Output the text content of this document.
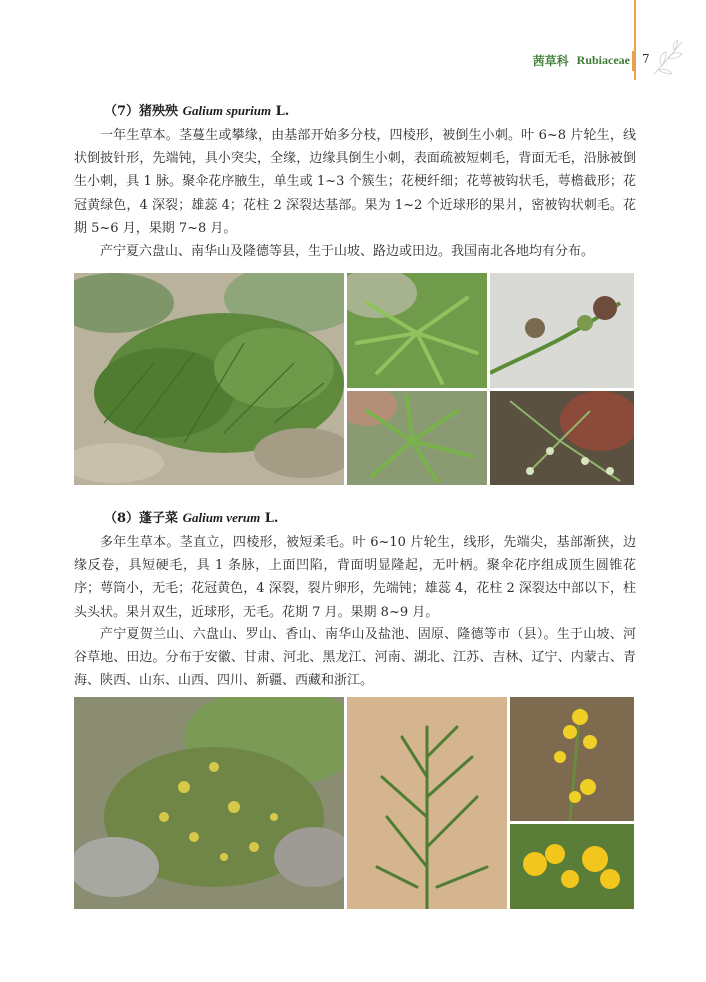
茜草科 Rubiaceae 7
（7）猪殃殃 Galium spurium L.

一年生草本。茎蔓生或攀缘，由基部开始多分枝，四棱形，被倒生小刺。叶 6~8 片轮生，线状倒披针形，先端钝，具小突尖，全缘，边缘具倒生小刺，表面疏被短刺毛，背面无毛，沿脉被倒生小刺，具 1 脉。聚伞花序腋生，单生或 1~3 个簇生；花梗纤细；花萼被钩状毛，萼檐截形；花冠黄绿色，4 深裂；雄蕊 4；花柱 2 深裂达基部。果为 1~2 个近球形的果爿，密被钩状刺毛。花期 5~6 月，果期 7~8 月。

产宁夏六盘山、南华山及隆德等县，生于山坡、路边或田边。我国南北各地均有分布。

（8）蓬子菜 Galium verum L.

多年生草本。茎直立，四棱形，被短柔毛。叶 6~10 片轮生，线形，先端尖，基部渐狭，边缘反卷，具短硬毛，具 1 条脉，上面凹陷，背面明显隆起，无叶柄。聚伞花序组成顶生圆锥花序；萼筒小，无毛；花冠黄色，4 深裂，裂片卵形，先端钝；雄蕊 4，花柱 2 深裂达中部以下，柱头头状。果爿双生，近球形，无毛。花期 7 月。果期 8~9 月。

产宁夏贺兰山、六盘山、罗山、香山、南华山及盐池、固原、隆德等市（县）。生于山坡、河谷草地、田边。分布于安徽、甘肃、河北、黑龙江、河南、湖北、江苏、吉林、辽宁、内蒙古、青海、陕西、山东、山西、四川、新疆、西藏和浙江。
